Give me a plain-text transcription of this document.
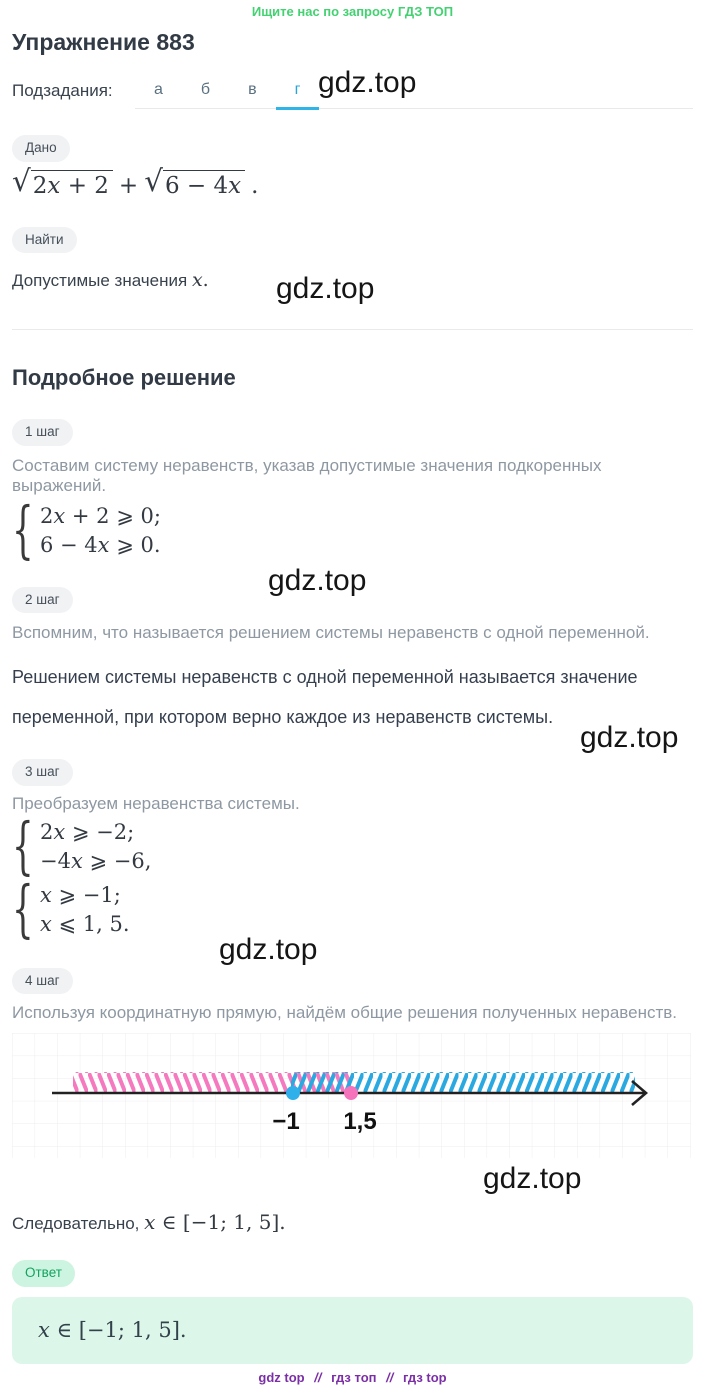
gdz.top
gdz.top
gdz.top
gdz.top
gdz.top
gdz.top
Ищите нас по запросу ГДЗ ТОП
Упражнение 883
Подзадания:	а	б	в	г
Дано
√ 2x + 2 + √ 6 − 4x .
Найти
Допустимые значения x.
Подробное решение
1 шаг
Составим систему неравенств, указав допустимые значения подкоренных выражений.
{ 2x + 2 ⩾ 0;
6 − 4x ⩾ 0.
2 шаг
Вспомним, что называется решением системы неравенств с одной переменной.
Решением системы неравенств с одной переменной называется значение
переменной, при котором верно каждое из неравенств системы.
3 шаг
Преобразуем неравенства системы.
{ 2x ⩾ −2;
−4x ⩾ −6,
{ x ⩾ −1;
x ⩽ 1, 5.
4 шаг
Используя координатную прямую, найдём общие решения полученных неравенств.
−1 1,5
Следовательно, x ∈ [−1; 1, 5].
Ответ
x ∈ [−1; 1, 5].
gdz top // гдз топ // гдз top
